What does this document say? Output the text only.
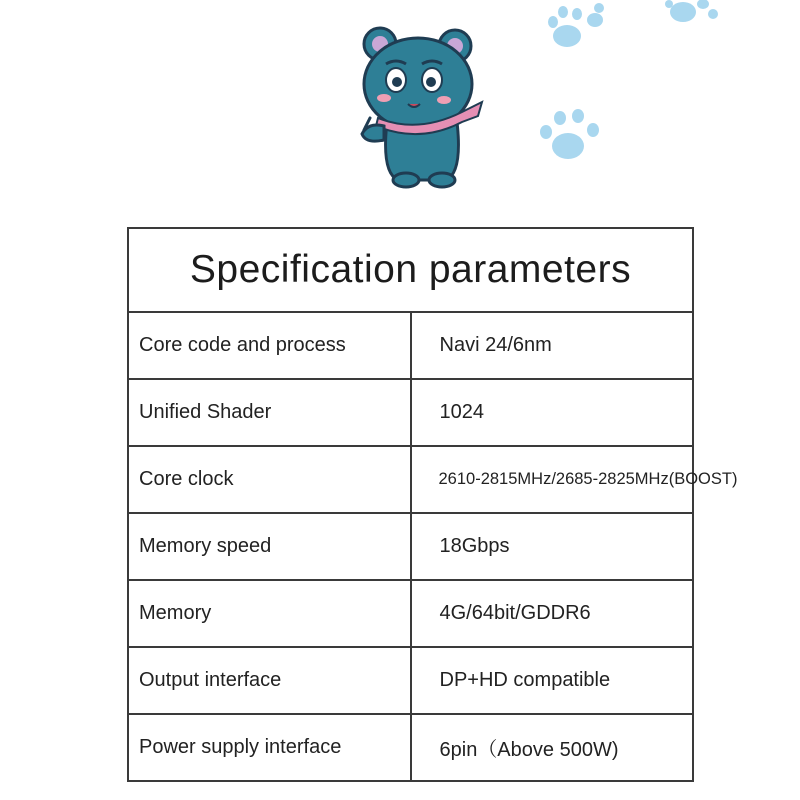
Specification parameters	
Core code and process	Navi 24/6nm
Unified Shader	1024
Core clock	2610-2815MHz/2685-2825MHz(BOOST)
Memory speed	18Gbps
Memory	4G/64bit/GDDR6
Output interface	DP+HD compatible
Power supply interface	6pin（Above 500W)
